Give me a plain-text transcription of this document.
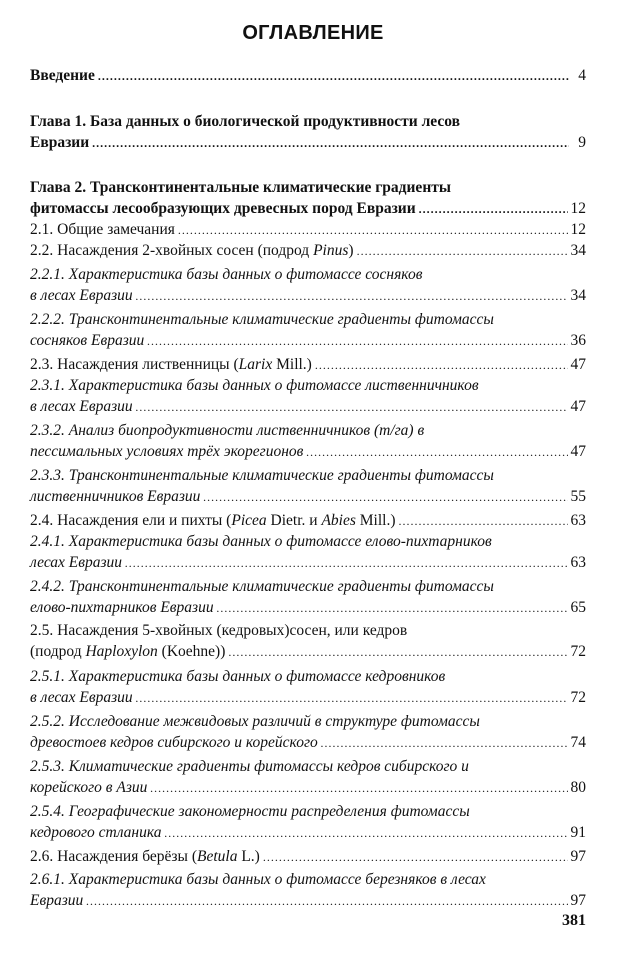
ОГЛАВЛЕНИЕ
Введение .....	4
Глава 1. База данных о биологической продуктивности лесов
Евразии .....	9
Глава 2. Трансконтинентальные климатические градиенты
фитомассы лесообразующих древесных пород Евразии .....	12
2.1. Общие замечания .....	12
2.2. Насаждения 2-хвойных сосен (подрод Pinus) .....	34
2.2.1. Характеристика базы данных о фитомассе сосняков
в лесах Евразии .....	34
2.2.2. Трансконтинентальные климатические градиенты фитомассы
сосняков Евразии .....	36
2.3. Насаждения лиственницы (Larix Mill.) .....	47
2.3.1. Характеристика базы данных о фитомассе лиственничников
в лесах Евразии .....	47
2.3.2. Анализ биопродуктивности лиственничников (т/га) в
пессимальных условиях трёх экорегионов .....	47
2.3.3. Трансконтинентальные климатические градиенты фитомассы
лиственничников Евразии .....	55
2.4. Насаждения ели и пихты (Picea Dietr. и Abies Mill.) .....	63
2.4.1. Характеристика базы данных о фитомассе елово-пихтарников
лесах Евразии .....	63
2.4.2. Трансконтинентальные климатические градиенты фитомассы
елово-пихтарников Евразии .....	65
2.5. Насаждения 5-хвойных (кедровых)сосен, или кедров
(подрод Haploxylon (Koehne)) .....	72
2.5.1. Характеристика базы данных о фитомассе кедровников
в лесах Евразии .....	72
2.5.2. Исследование межвидовых различий в структуре фитомассы
древостоев кедров сибирского и корейского .....	74
2.5.3. Климатические градиенты фитомассы кедров сибирского и
корейского в Азии .....	80
2.5.4. Географические закономерности распределения фитомассы
кедрового стланика .....	91
2.6. Насаждения берёзы (Betula L.) .....	97
2.6.1. Характеристика базы данных о фитомассе березняков в лесах
Евразии .....	97
381
